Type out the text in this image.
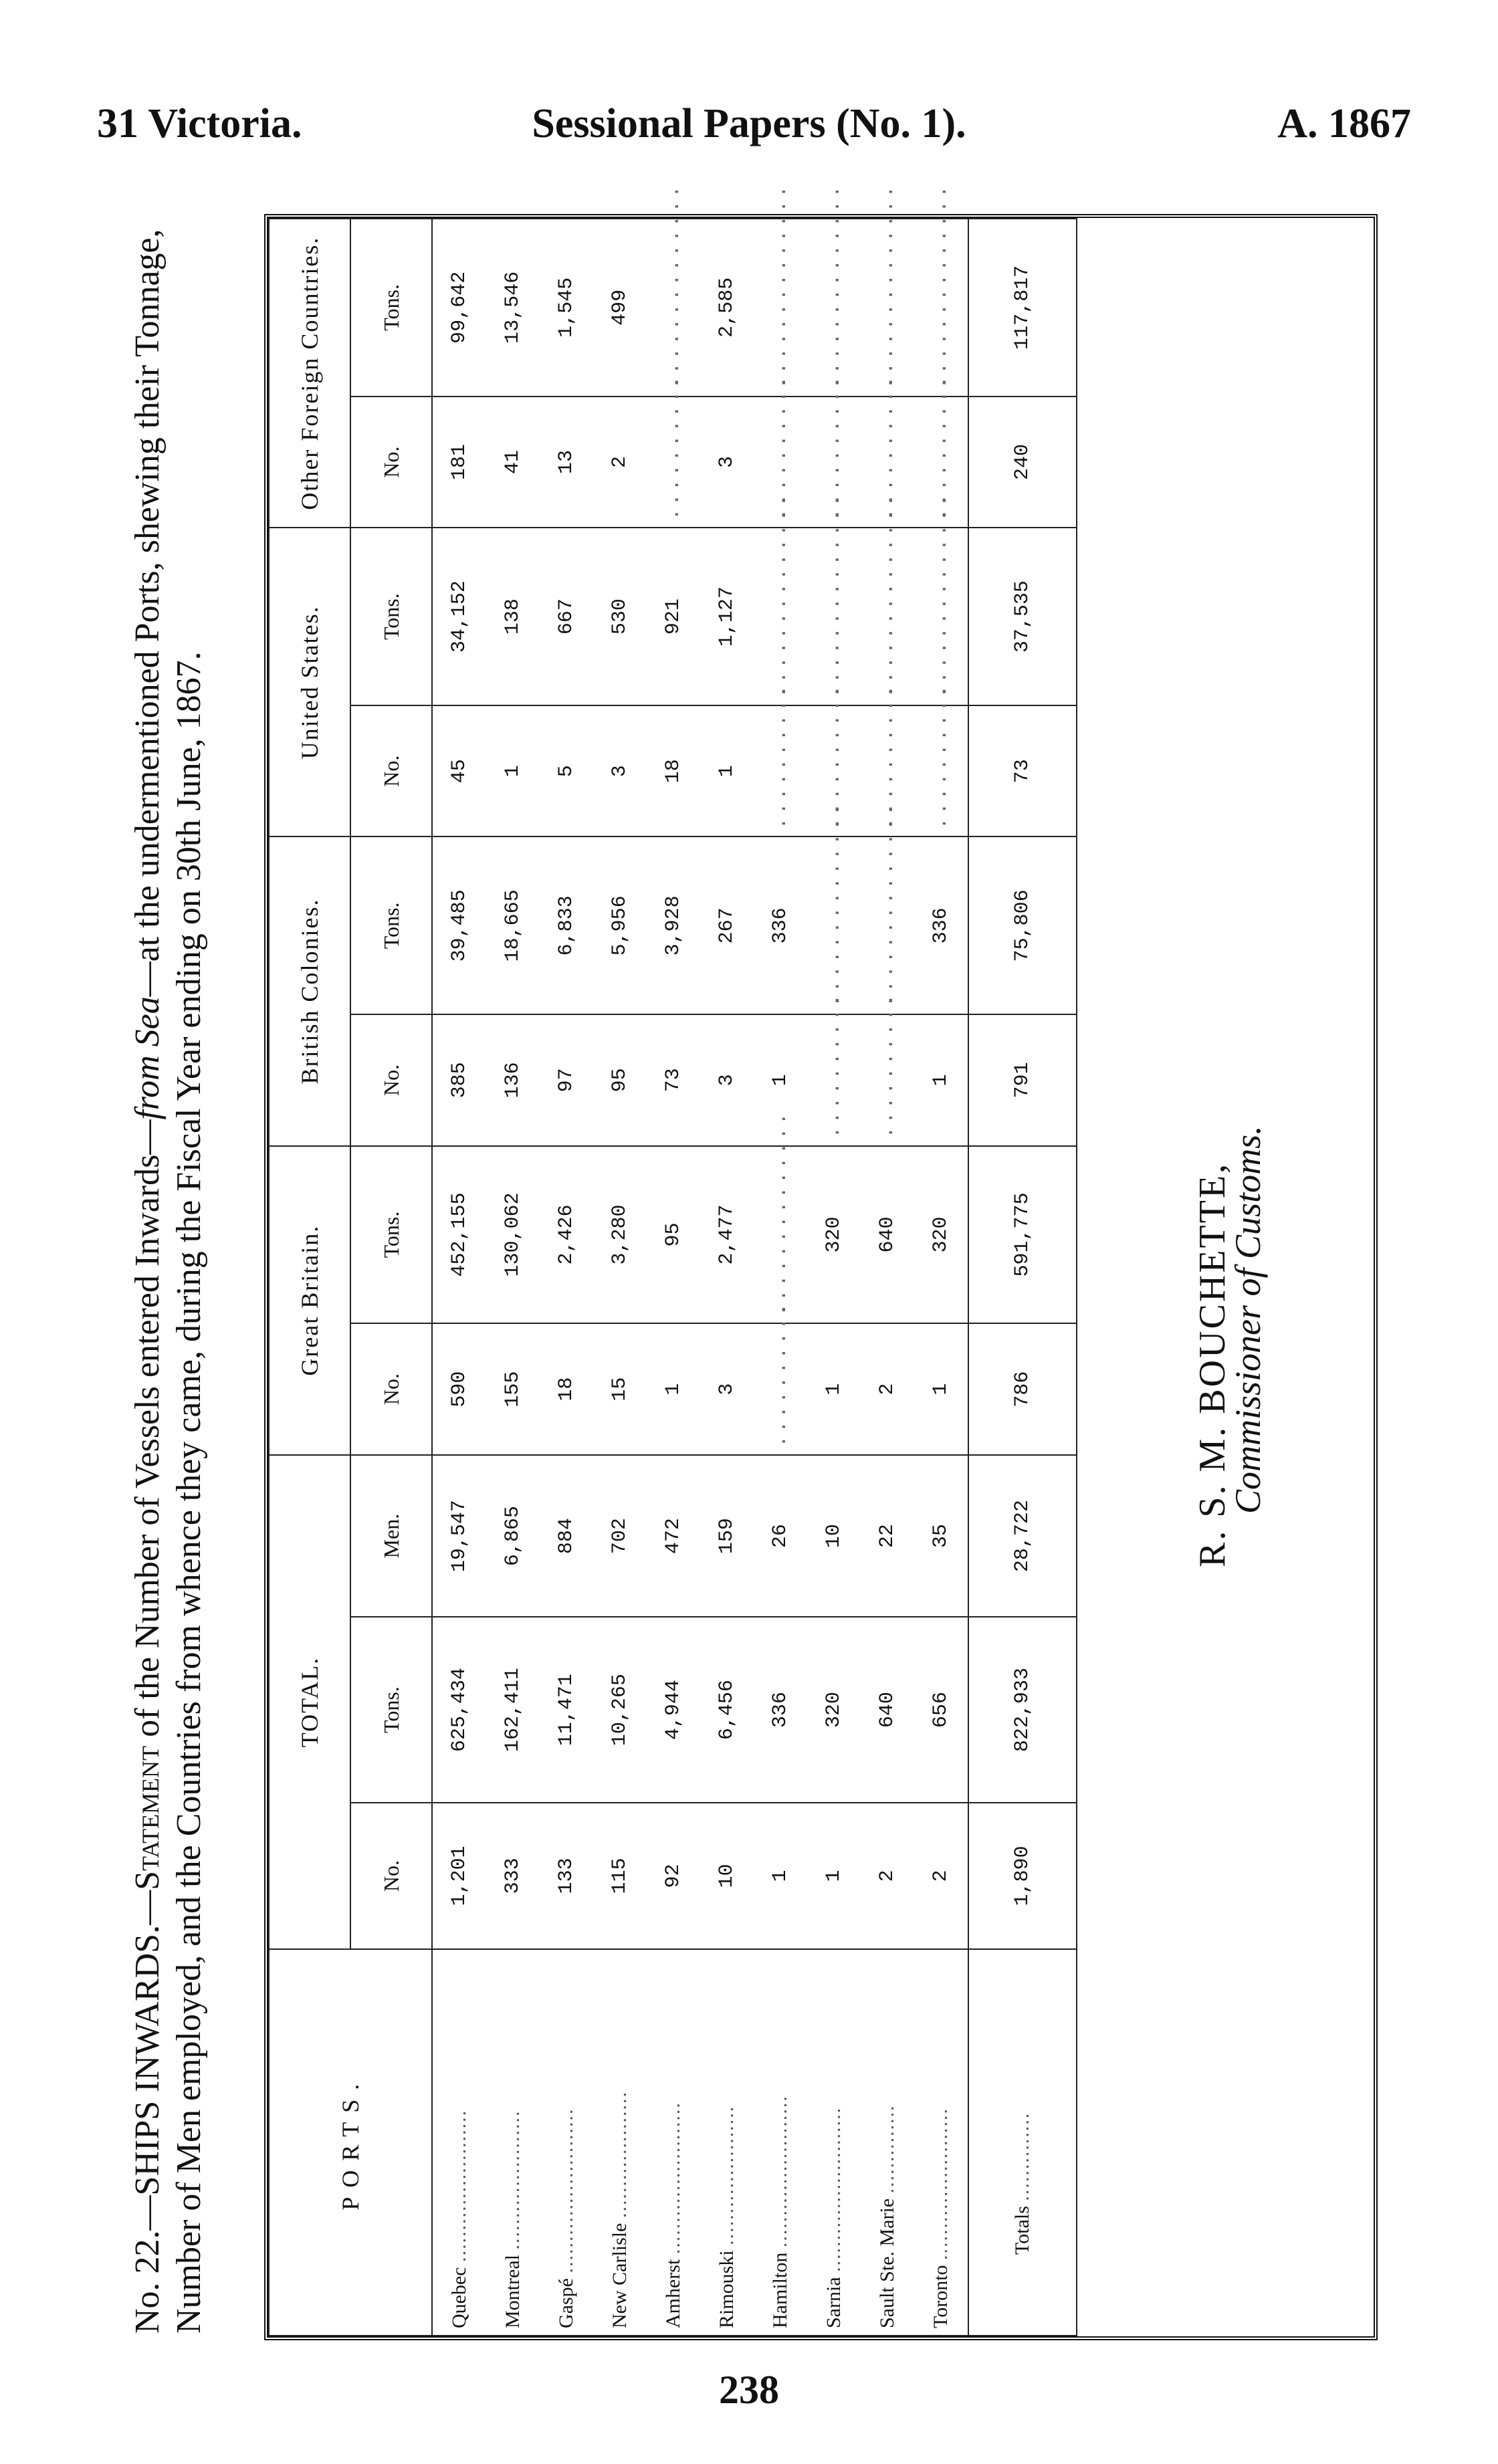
31 Victoria.	Sessional Papers (No. 1).	A. 1867
No. 22.—SHIPS INWARDS.—Statement of the Number of Vessels entered Inwards—from Sea—at the undermentioned Ports, shewing their Tonnage, Number of Men employed, and the Countries from whence they came, during the Fiscal Year ending on 30th June, 1867.	PORTS.	TOTAL.			Great Britain.		British Colonies.		United States.		Other Foreign Countries.	
	No.	Tons.	Men.	No.	Tons.	No.	Tons.	No.	Tons.	No.	Tons.
Quebec ........................	1,201	625,434	19,547	590	452,155	385	39,485	45	34,152	181	99,642
Montreal ......................	333	162,411	6,865	155	130,062	136	18,665	1	138	41	13,546
Gaspé ..........................	133	11,471	884	18	2,426	97	6,833	5	667	13	1,545
New Carlisle ....................	115	10,265	702	15	3,280	95	5,956	3	530	2	499
Amherst ........................	92	4,944	472	1	95	73	3,928	18	921	..........	..............
Rimouski ......................	10	6,456	159	3	2,477	3	267	1	1,127	3	2,585
Hamilton ........................	1	336	26	..........	..............	1	336	..........	..............	..........	..............
Sarnia ..........................	1	320	10	1	320	..........	..............	..........	..............	..........	..............
Sault Ste. Marie ..............	2	640	22	2	640	..........	..............	..........	..............	..........	..............
Toronto ........................	2	656	35	1	320	1	336	..........	..............	..........	..............
Totals ..............	1,890	822,933	28,722	786	591,775	791	75,806	73	37,535	240	117,817
R. S. M. BOUCHETTE,
Commissioner of Customs.
238
